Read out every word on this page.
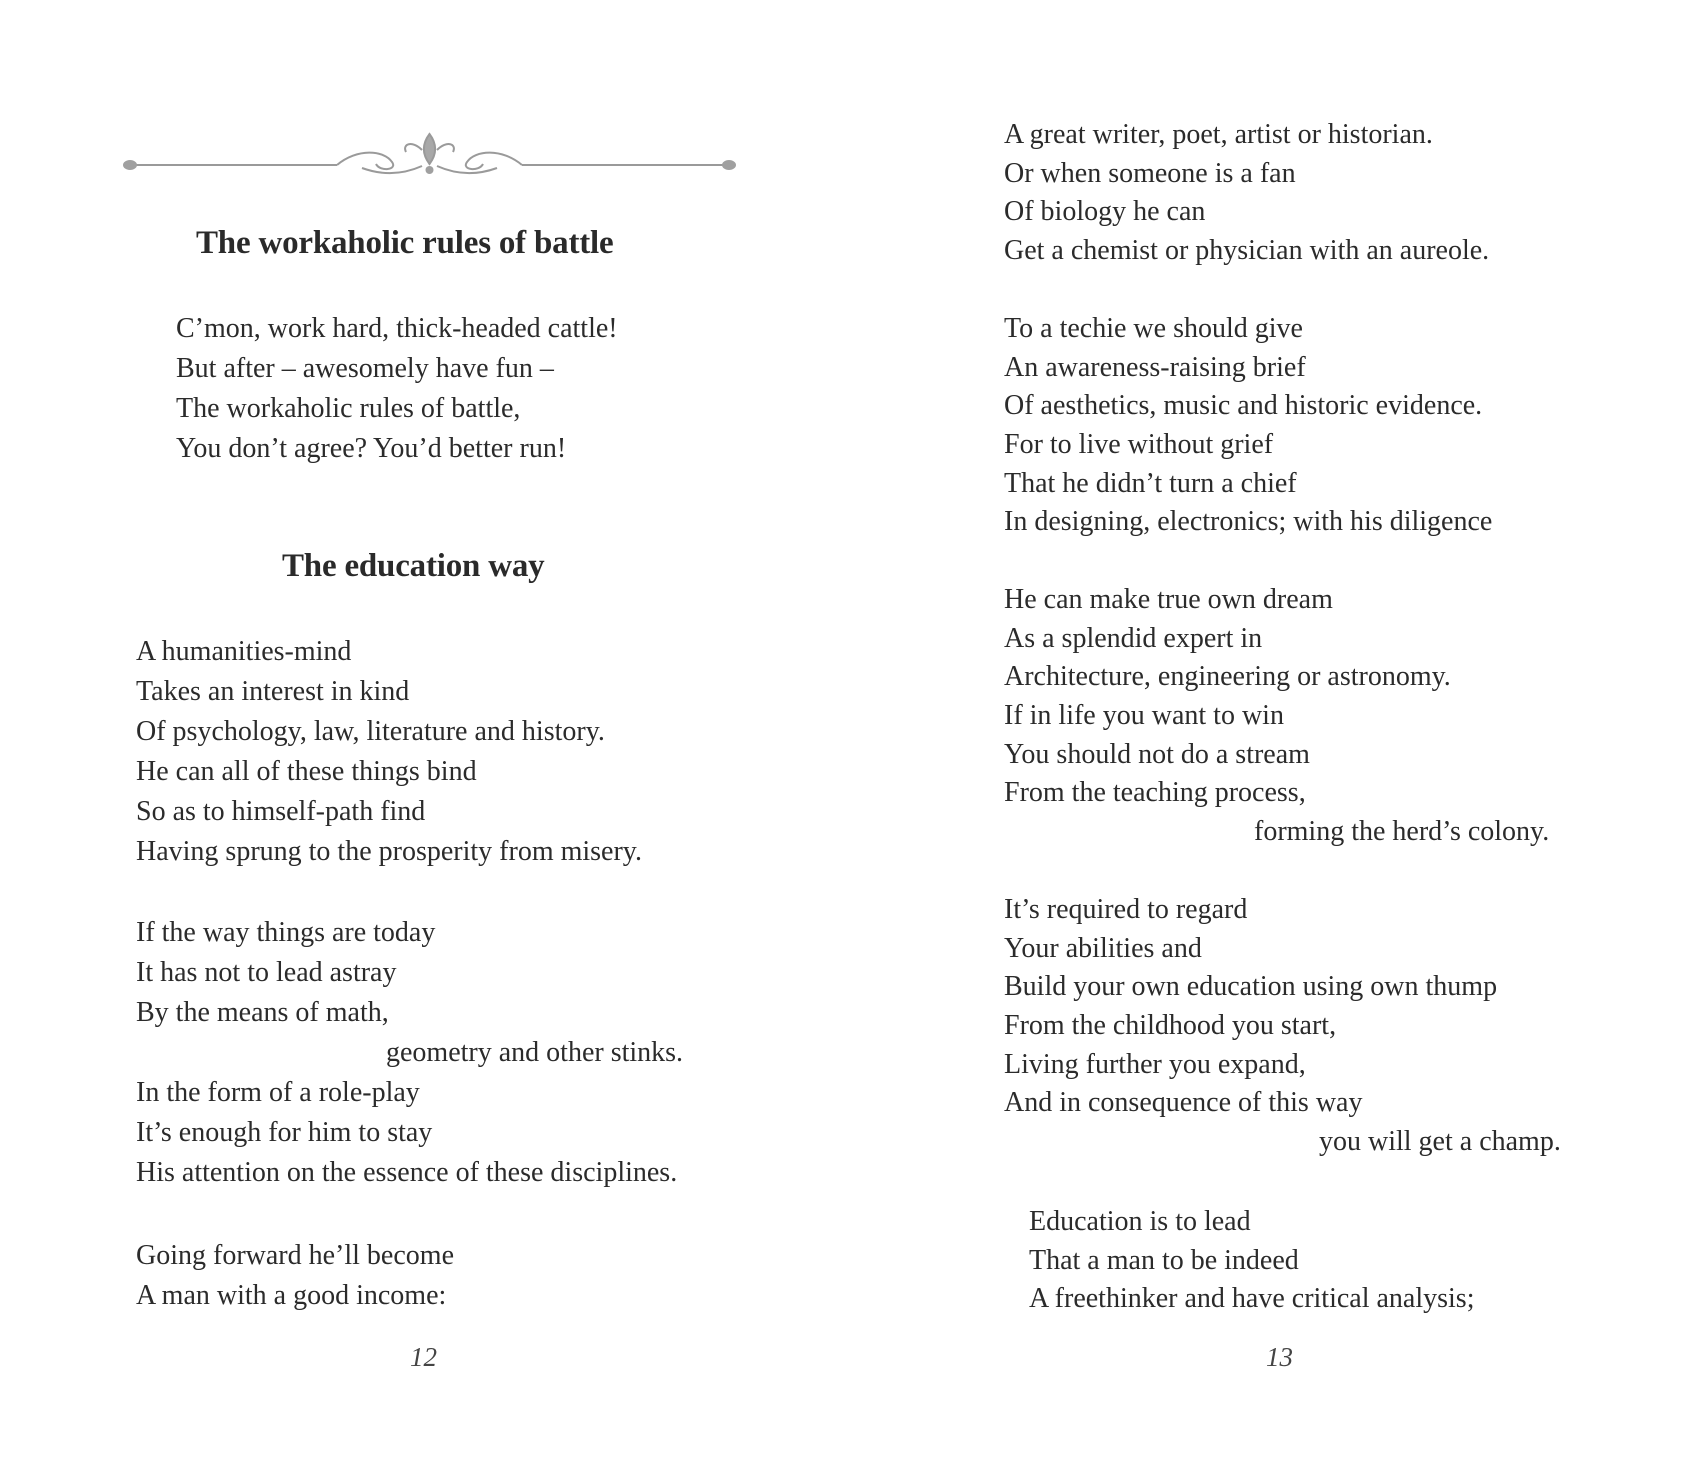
The workaholic rules of battle
C’mon, work hard, thick-headed cattle!
But after – awesomely have fun –
The workaholic rules of battle,
You don’t agree? You’d better run!
The education way
A humanities-mind
Takes an interest in kind
Of psychology, law, literature and history.
He can all of these things bind
So as to himself-path find
Having sprung to the prosperity from misery.
If the way things are today
It has not to lead astray
By the means of math,
geometry and other stinks.
In the form of a role-play
It’s enough for him to stay
His attention on the essence of these disciplines.
Going forward he’ll become
A man with a good income:
12
A great writer, poet, artist or historian.
Or when someone is a fan
Of biology he can
Get a chemist or physician with an aureole.
To a techie we should give
An awareness-raising brief
Of aesthetics, music and historic evidence.
For to live without grief
That he didn’t turn a chief
In designing, electronics; with his diligence
He can make true own dream
As a splendid expert in
Architecture, engineering or astronomy.
If in life you want to win
You should not do a stream
From the teaching process,
forming the herd’s colony.
It’s required to regard
Your abilities and
Build your own education using own thump
From the childhood you start,
Living further you expand,
And in consequence of this way
you will get a champ.
Education is to lead
That a man to be indeed
A freethinker and have critical analysis;
13
